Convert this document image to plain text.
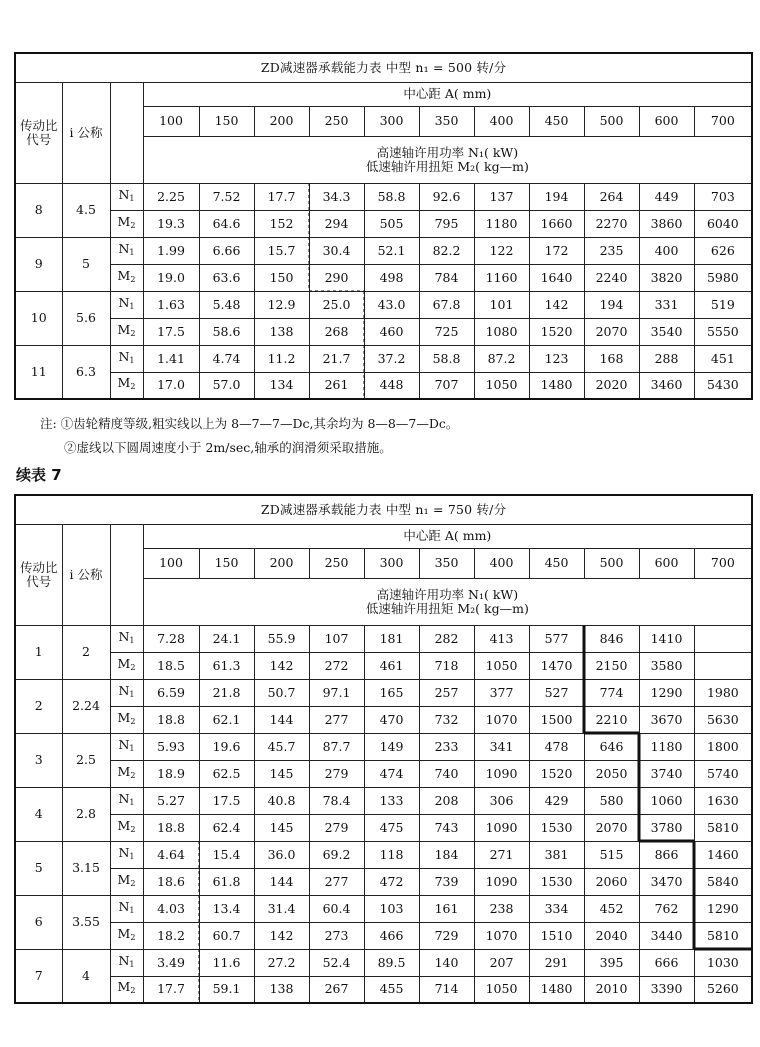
ZD减速器承载能力表 中型 n₁ = 500 转/分													
传动比代号	i 公称		中心距 A( mm)										
			100	150	200	250	300	350	400	450	500	600	700

			高速轴许用功率 N₁( kW)
低速轴许用扭矩 M₂( kg—m)										

8	4.5	$N_1$	2.25	7.52	17.7	34.3	58.8	92.6	137	194	264	449	703
		$M_2$	19.3	64.6	152	294	505	795	1180	1660	2270	3860	6040
9	5	$N_1$	1.99	6.66	15.7	30.4	52.1	82.2	122	172	235	400	626
		$M_2$	19.0	63.6	150	290	498	784	1160	1640	2240	3820	5980
10	5.6	$N_1$	1.63	5.48	12.9	25.0	43.0	67.8	101	142	194	331	519
		$M_2$	17.5	58.6	138	268	460	725	1080	1520	2070	3540	5550
11	6.3	$N_1$	1.41	4.74	11.2	21.7	37.2	58.8	87.2	123	168	288	451
		$M_2$	17.0	57.0	134	261	448	707	1050	1480	2020	3460	5430
注: ①齿轮精度等级,粗实线以上为 8—7—7—Dc,其余均为 8—8—7—Dc。
②虚线以下圆周速度小于 2m/sec,轴承的润滑须采取措施。
续表 7
ZD减速器承载能力表 中型 n₁ = 750 转/分													
传动比代号	i 公称		中心距 A( mm)										
			100	150	200	250	300	350	400	450	500	600	700

			高速轴许用功率 N₁( kW)
低速轴许用扭矩 M₂( kg—m)										

1	2	$N_1$	7.28	24.1	55.9	107	181	282	413	577	846	1410	
		$M_2$	18.5	61.3	142	272	461	718	1050	1470	2150	3580	
2	2.24	$N_1$	6.59	21.8	50.7	97.1	165	257	377	527	774	1290	1980
		$M_2$	18.8	62.1	144	277	470	732	1070	1500	2210	3670	5630
3	2.5	$N_1$	5.93	19.6	45.7	87.7	149	233	341	478	646	1180	1800
		$M_2$	18.9	62.5	145	279	474	740	1090	1520	2050	3740	5740
4	2.8	$N_1$	5.27	17.5	40.8	78.4	133	208	306	429	580	1060	1630
		$M_2$	18.8	62.4	145	279	475	743	1090	1530	2070	3780	5810
5	3.15	$N_1$	4.64	15.4	36.0	69.2	118	184	271	381	515	866	1460
		$M_2$	18.6	61.8	144	277	472	739	1090	1530	2060	3470	5840
6	3.55	$N_1$	4.03	13.4	31.4	60.4	103	161	238	334	452	762	1290
		$M_2$	18.2	60.7	142	273	466	729	1070	1510	2040	3440	5810
7	4	$N_1$	3.49	11.6	27.2	52.4	89.5	140	207	291	395	666	1030
		$M_2$	17.7	59.1	138	267	455	714	1050	1480	2010	3390	5260
